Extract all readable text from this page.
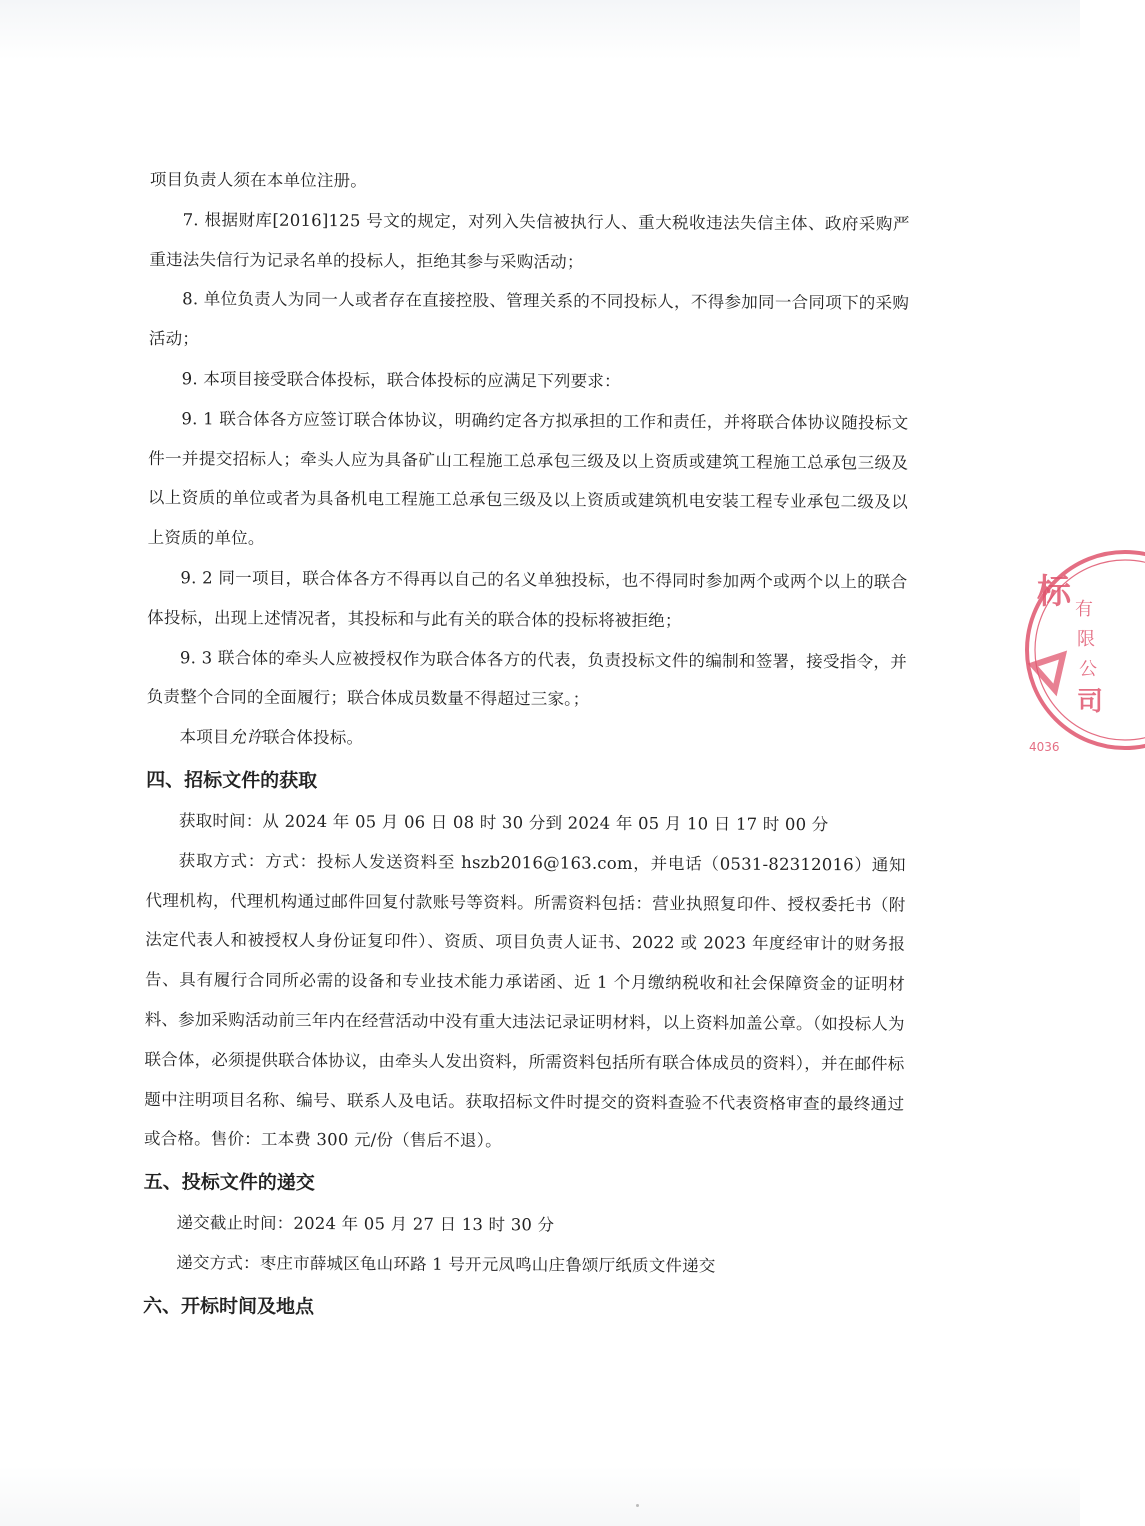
项目负责人须在本单位注册。

7. 根据财库[2016]125 号文的规定，对列入失信被执行人、重大税收违法失信主体、政府采购严重违法失信行为记录名单的投标人，拒绝其参与采购活动；

8. 单位负责人为同一人或者存在直接控股、管理关系的不同投标人，不得参加同一合同项下的采购活动；

9. 本项目接受联合体投标，联合体投标的应满足下列要求：

9. 1 联合体各方应签订联合体协议，明确约定各方拟承担的工作和责任，并将联合体协议随投标文件一并提交招标人；牵头人应为具备矿山工程施工总承包三级及以上资质或建筑工程施工总承包三级及以上资质的单位或者为具备机电工程施工总承包三级及以上资质或建筑机电安装工程专业承包二级及以上资质的单位。

9. 2 同一项目，联合体各方不得再以自己的名义单独投标，也不得同时参加两个或两个以上的联合体投标，出现上述情况者，其投标和与此有关的联合体的投标将被拒绝；

9. 3 联合体的牵头人应被授权作为联合体各方的代表，负责投标文件的编制和签署，接受指令，并负责整个合同的全面履行；联合体成员数量不得超过三家。；

本项目允许联合体投标。

四、招标文件的获取

获取时间：从 2024 年 05 月 06 日 08 时 30 分到 2024 年 05 月 10 日 17 时 00 分

获取方式：方式：投标人发送资料至 hszb2016@163.com，并电话（0531-82312016）通知代理机构，代理机构通过邮件回复付款账号等资料。所需资料包括：营业执照复印件、授权委托书（附法定代表人和被授权人身份证复印件）、资质、项目负责人证书、2022 或 2023 年度经审计的财务报告、具有履行合同所必需的设备和专业技术能力承诺函、近 1 个月缴纳税收和社会保障资金的证明材料、参加采购活动前三年内在经营活动中没有重大违法记录证明材料，以上资料加盖公章。（如投标人为联合体，必须提供联合体协议，由牵头人发出资料，所需资料包括所有联合体成员的资料），并在邮件标题中注明项目名称、编号、联系人及电话。获取招标文件时提交的资料查验不代表资格审查的最终通过或合格。售价：工本费 300 元/份（售后不退）。

五、投标文件的递交

递交截止时间：2024 年 05 月 27 日 13 时 30 分

递交方式：枣庄市薛城区龟山环路 1 号开元凤鸣山庄鲁颂厅纸质文件递交

六、开标时间及地点
标 有
限
公
司
4036
